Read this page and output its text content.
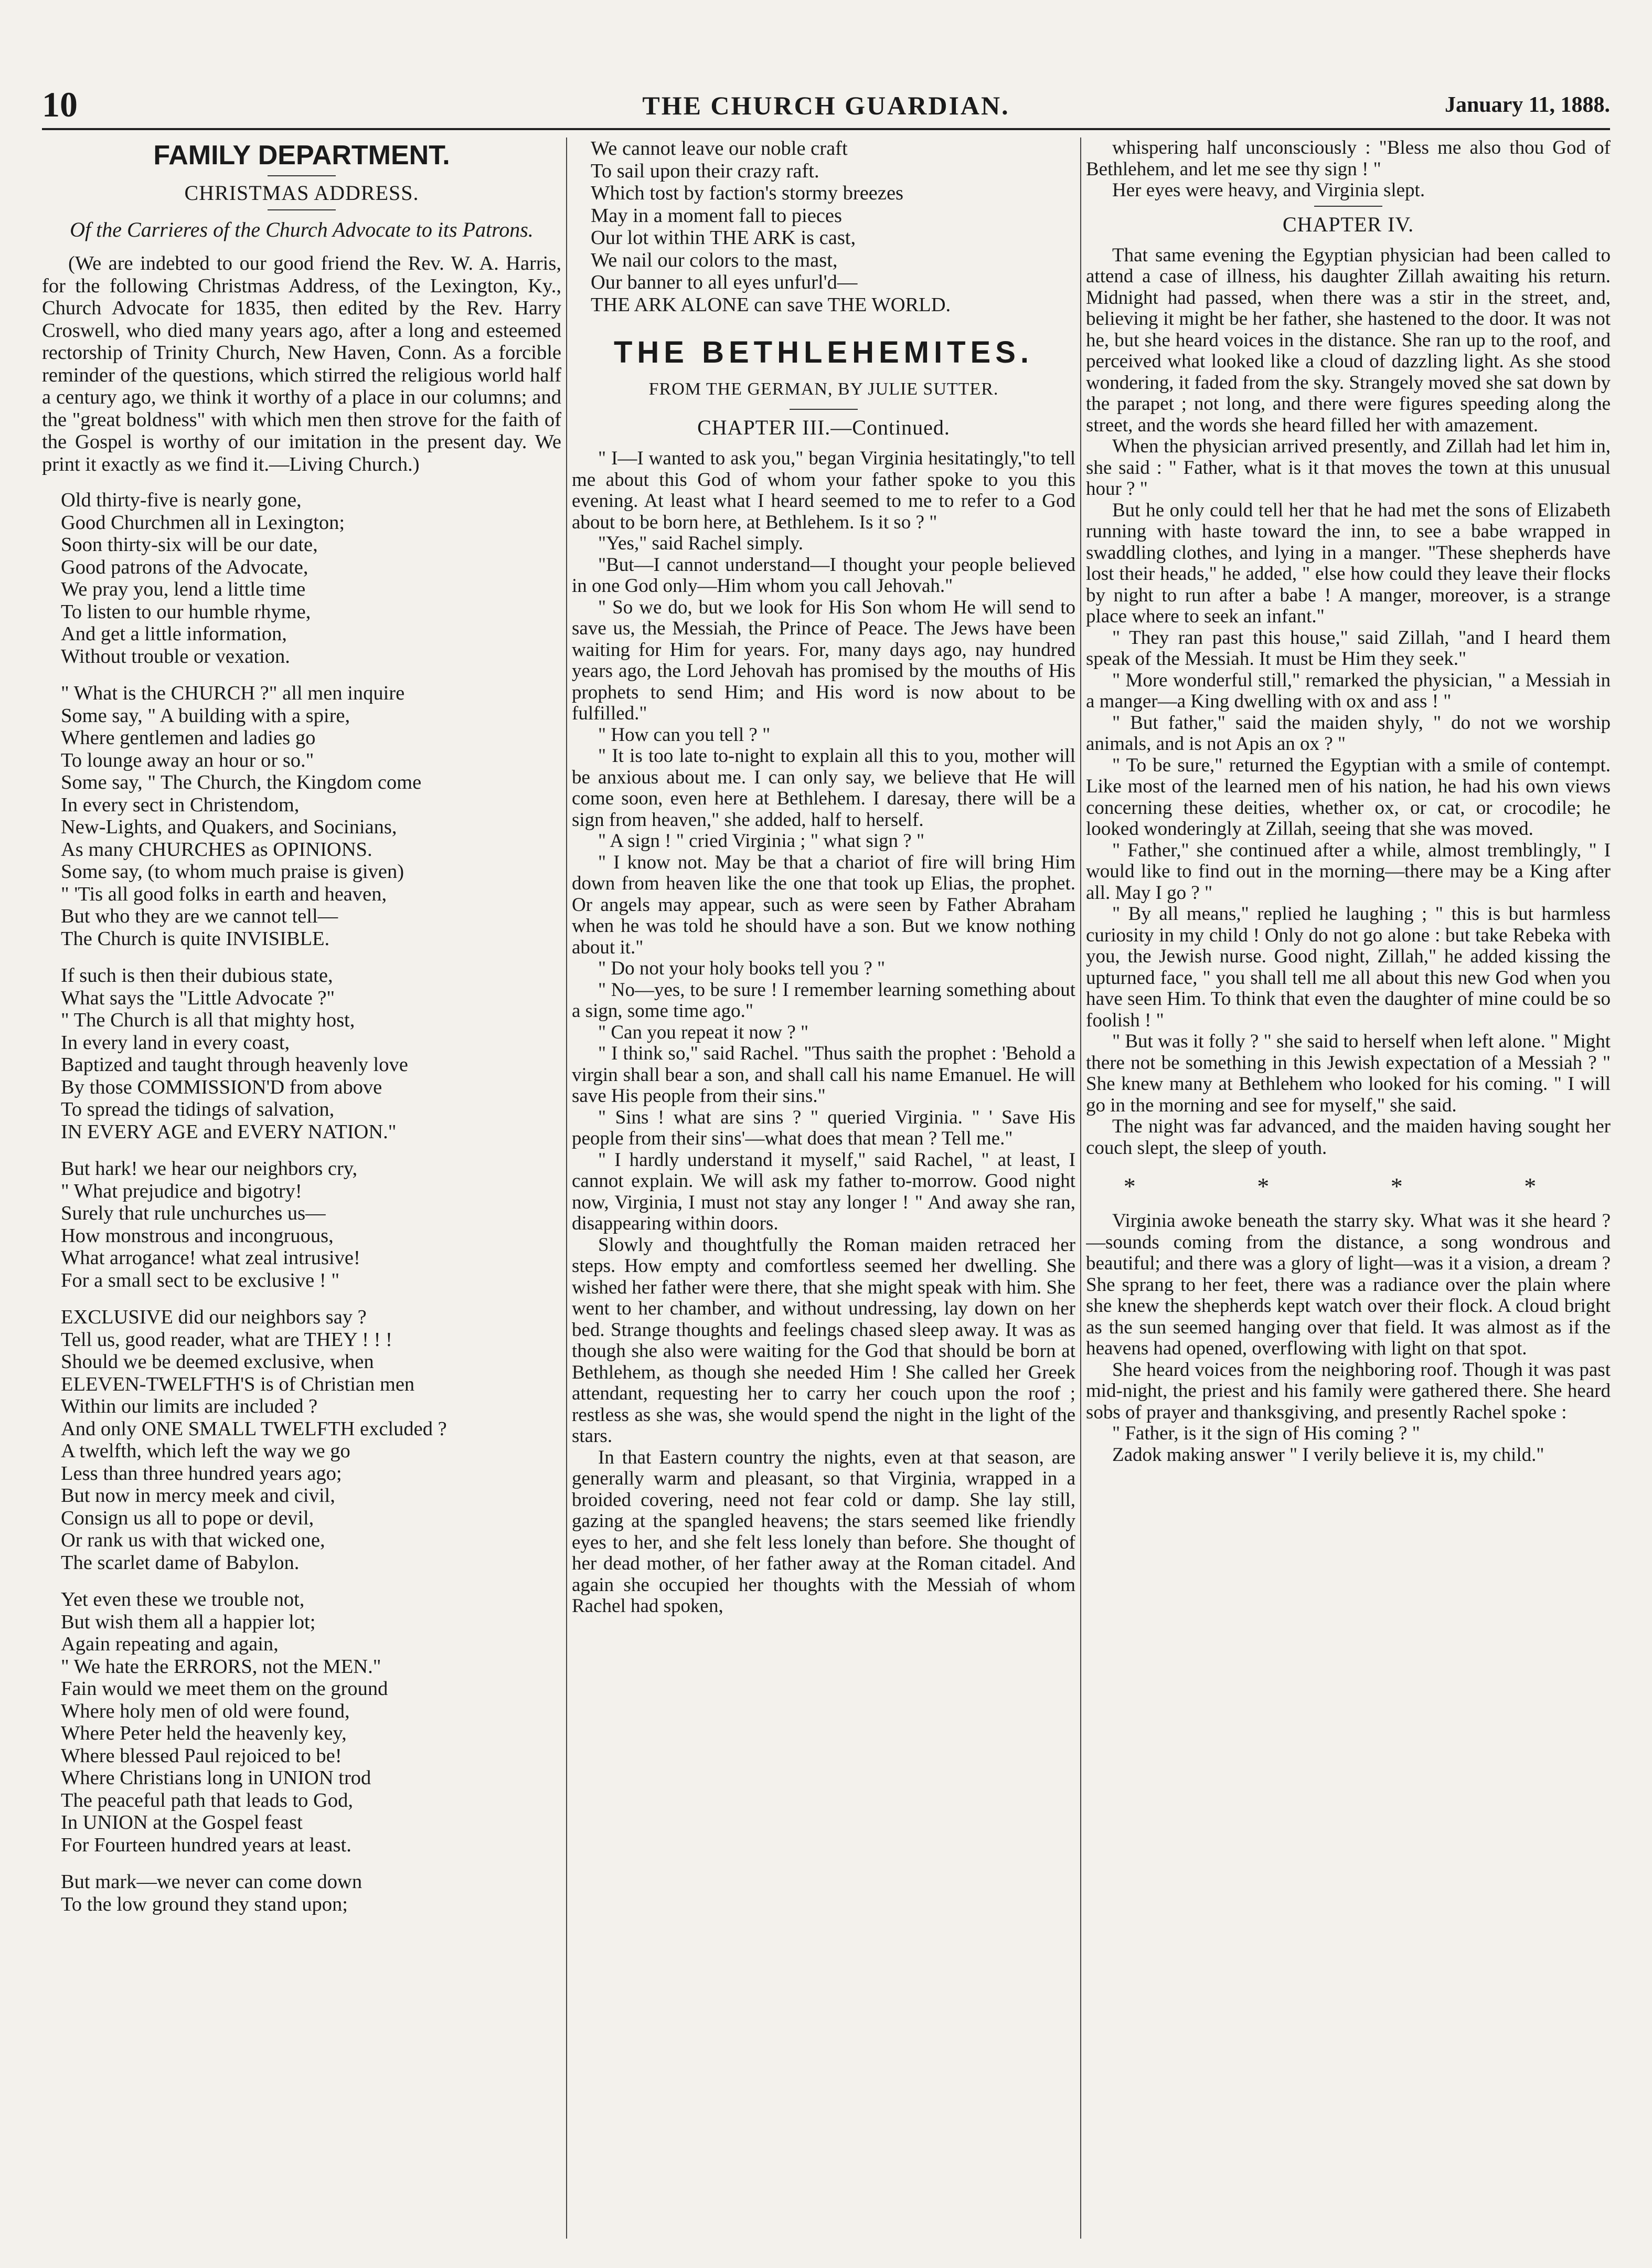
10	THE CHURCH GUARDIAN.	January 11, 1888.
FAMILY DEPARTMENT.
CHRISTMAS ADDRESS.
Of the Carrieres of the Church Advocate to its Patrons.

(We are indebted to our good friend the Rev. W. A. Harris, for the following Christmas Address, of the Lexington, Ky., Church Advocate for 1835, then edited by the Rev. Harry Croswell, who died many years ago, after a long and esteemed rectorship of Trinity Church, New Haven, Conn. As a forcible reminder of the questions, which stirred the religious world half a century ago, we think it worthy of a place in our columns; and the "great boldness" with which men then strove for the faith of the Gospel is worthy of our imitation in the present day. We print it exactly as we find it.—Living Church.)

Old thirty-five is nearly gone,
Good Churchmen all in Lexington;
Soon thirty-six will be our date,
Good patrons of the Advocate,
We pray you, lend a little time
To listen to our humble rhyme,
And get a little information,
Without trouble or vexation.
" What is the CHURCH ?" all men inquire
Some say, " A building with a spire,
Where gentlemen and ladies go
To lounge away an hour or so."
Some say, " The Church, the Kingdom come
In every sect in Christendom,
New-Lights, and Quakers, and Socinians,
As many CHURCHES as OPINIONS.
Some say, (to whom much praise is given)
" 'Tis all good folks in earth and heaven,
But who they are we cannot tell—
The Church is quite INVISIBLE.
If such is then their dubious state,
What says the "Little Advocate ?"
" The Church is all that mighty host,
In every land in every coast,
Baptized and taught through heavenly love
By those COMMISSION'D from above
To spread the tidings of salvation,
IN EVERY AGE and EVERY NATION."
But hark! we hear our neighbors cry,
" What prejudice and bigotry!
Surely that rule unchurches us—
How monstrous and incongruous,
What arrogance! what zeal intrusive!
For a small sect to be exclusive ! "
EXCLUSIVE did our neighbors say ?
Tell us, good reader, what are THEY ! ! !
Should we be deemed exclusive, when
ELEVEN-TWELFTH'S is of Christian men
Within our limits are included ?
And only ONE SMALL TWELFTH excluded ?
A twelfth, which left the way we go
Less than three hundred years ago;
But now in mercy meek and civil,
Consign us all to pope or devil,
Or rank us with that wicked one,
The scarlet dame of Babylon.
Yet even these we trouble not,
But wish them all a happier lot;
Again repeating and again,
" We hate the ERRORS, not the MEN."
Fain would we meet them on the ground
Where holy men of old were found,
Where Peter held the heavenly key,
Where blessed Paul rejoiced to be!
Where Christians long in UNION trod
The peaceful path that leads to God,
In UNION at the Gospel feast
For Fourteen hundred years at least.
But mark—we never can come down
To the low ground they stand upon;
We cannot leave our noble craft
To sail upon their crazy raft.
Which tost by faction's stormy breezes
May in a moment fall to pieces
Our lot within THE ARK is cast,
We nail our colors to the mast,
Our banner to all eyes unfurl'd—
THE ARK ALONE can save THE WORLD.
THE BETHLEHEMITES.
FROM THE GERMAN, BY JULIE SUTTER.
CHAPTER III.—Continued.

" I—I wanted to ask you," began Virginia hesitatingly,"to tell me about this God of whom your father spoke to you this evening. At least what I heard seemed to me to refer to a God about to be born here, at Bethlehem. Is it so ? "

"Yes," said Rachel simply.

"But—I cannot understand—I thought your people believed in one God only—Him whom you call Jehovah."

" So we do, but we look for His Son whom He will send to save us, the Messiah, the Prince of Peace. The Jews have been waiting for Him for years. For, many days ago, nay hundred years ago, the Lord Jehovah has promised by the mouths of His prophets to send Him; and His word is now about to be fulfilled."

" How can you tell ? "

" It is too late to-night to explain all this to you, mother will be anxious about me. I can only say, we believe that He will come soon, even here at Bethlehem. I daresay, there will be a sign from heaven," she added, half to herself.

" A sign ! " cried Virginia ; " what sign ? "

" I know not. May be that a chariot of fire will bring Him down from heaven like the one that took up Elias, the prophet. Or angels may appear, such as were seen by Father Abraham when he was told he should have a son. But we know nothing about it."

" Do not your holy books tell you ? "

" No—yes, to be sure ! I remember learning something about a sign, some time ago."

" Can you repeat it now ? "

" I think so," said Rachel. "Thus saith the prophet : 'Behold a virgin shall bear a son, and shall call his name Emanuel. He will save His people from their sins."

" Sins ! what are sins ? " queried Virginia. " ' Save His people from their sins'—what does that mean ? Tell me."

" I hardly understand it myself," said Rachel, " at least, I cannot explain. We will ask my father to-morrow. Good night now, Virginia, I must not stay any longer ! " And away she ran, disappearing within doors.

Slowly and thoughtfully the Roman maiden retraced her steps. How empty and comfortless seemed her dwelling. She wished her father were there, that she might speak with him. She went to her chamber, and without undressing, lay down on her bed. Strange thoughts and feelings chased sleep away. It was as though she also were waiting for the God that should be born at Bethlehem, as though she needed Him ! She called her Greek attendant, requesting her to carry her couch upon the roof ; restless as she was, she would spend the night in the light of the stars.

In that Eastern country the nights, even at that season, are generally warm and pleasant, so that Virginia, wrapped in a broided covering, need not fear cold or damp. She lay still, gazing at the spangled heavens; the stars seemed like friendly eyes to her, and she felt less lonely than before. She thought of her dead mother, of her father away at the Roman citadel. And again she occupied her thoughts with the Messiah of whom Rachel had spoken,

whispering half unconsciously : "Bless me also thou God of Bethlehem, and let me see thy sign ! "

Her eyes were heavy, and Virginia slept.

CHAPTER IV.

That same evening the Egyptian physician had been called to attend a case of illness, his daughter Zillah awaiting his return. Midnight had passed, when there was a stir in the street, and, believing it might be her father, she hastened to the door. It was not he, but she heard voices in the distance. She ran up to the roof, and perceived what looked like a cloud of dazzling light. As she stood wondering, it faded from the sky. Strangely moved she sat down by the parapet ; not long, and there were figures speeding along the street, and the words she heard filled her with amazement.

When the physician arrived presently, and Zillah had let him in, she said : " Father, what is it that moves the town at this unusual hour ? "

But he only could tell her that he had met the sons of Elizabeth running with haste toward the inn, to see a babe wrapped in swaddling clothes, and lying in a manger. "These shepherds have lost their heads," he added, " else how could they leave their flocks by night to run after a babe ! A manger, moreover, is a strange place where to seek an infant."

" They ran past this house," said Zillah, "and I heard them speak of the Messiah. It must be Him they seek."

" More wonderful still," remarked the physician, " a Messiah in a manger—a King dwelling with ox and ass ! "

" But father," said the maiden shyly, " do not we worship animals, and is not Apis an ox ? "

" To be sure," returned the Egyptian with a smile of contempt. Like most of the learned men of his nation, he had his own views concerning these deities, whether ox, or cat, or crocodile; he looked wonderingly at Zillah, seeing that she was moved.

" Father," she continued after a while, almost tremblingly, " I would like to find out in the morning—there may be a King after all. May I go ? "

" By all means," replied he laughing ; " this is but harmless curiosity in my child ! Only do not go alone : but take Rebeka with you, the Jewish nurse. Good night, Zillah," he added kissing the upturned face, " you shall tell me all about this new God when you have seen Him. To think that even the daughter of mine could be so foolish ! "

" But was it folly ? " she said to herself when left alone. " Might there not be something in this Jewish expectation of a Messiah ? " She knew many at Bethlehem who looked for his coming. " I will go in the morning and see for myself," she said.

The night was far advanced, and the maiden having sought her couch slept, the sleep of youth.

* * * *

Virginia awoke beneath the starry sky. What was it she heard ?—sounds coming from the distance, a song wondrous and beautiful; and there was a glory of light—was it a vision, a dream ? She sprang to her feet, there was a radiance over the plain where she knew the shepherds kept watch over their flock. A cloud bright as the sun seemed hanging over that field. It was almost as if the heavens had opened, overflowing with light on that spot.

She heard voices from the neighboring roof. Though it was past mid-night, the priest and his family were gathered there. She heard sobs of prayer and thanksgiving, and presently Rachel spoke :

" Father, is it the sign of His coming ? "

Zadok making answer " I verily believe it is, my child."
